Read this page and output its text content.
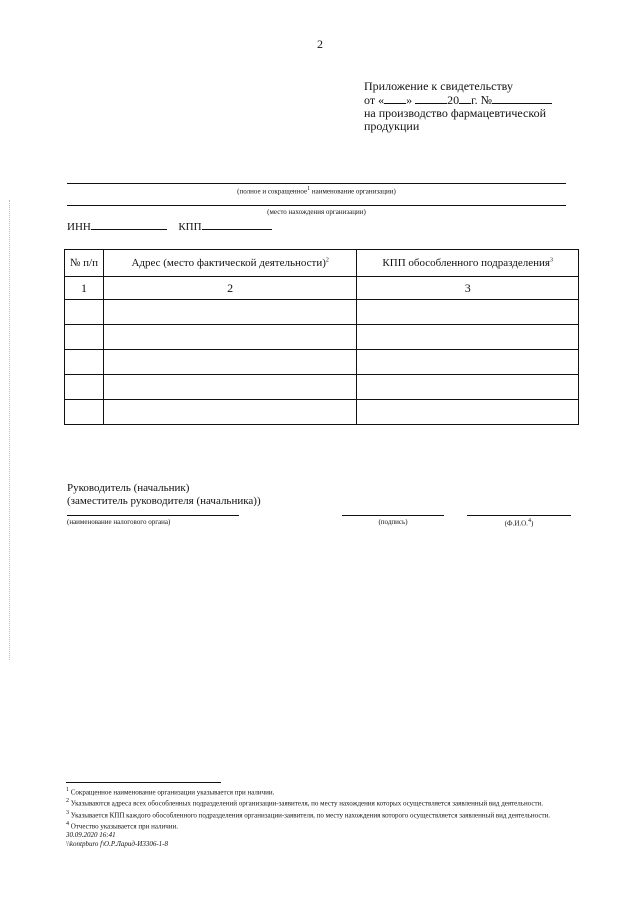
2
Приложение к свидетельству
от « »	20 г. №
на производство фармацевтической
продукции
(полное и сокращенное$^1$ наименование организации)
(место нахождения организации)
ИНН	КПП
№ п/п	Адрес (место фактической деятельности)$^2$	КПП обособленного подразделения$^3$
1	2	3

Руководитель (начальник)
(заместитель руководителя (начальника))
(наименование налогового органа)	(подпись)	(Ф.И.О.$^4$)
$^1$ Сокращенное наименование организации указывается при наличии.
$^2$ Указываются адреса всех обособленных подразделений организации-заявителя, по месту нахождения которых осуществляется заявленный вид деятельности.
$^3$ Указывается КПП каждого обособленного подразделения организации-заявителя, по месту нахождения которого осуществляется заявленный вид деятельности.
$^4$ Отчество указывается при наличии.
30.09.2020 16:41
\\kontpburo f\О.Р.Ларид-И3306-1-8
